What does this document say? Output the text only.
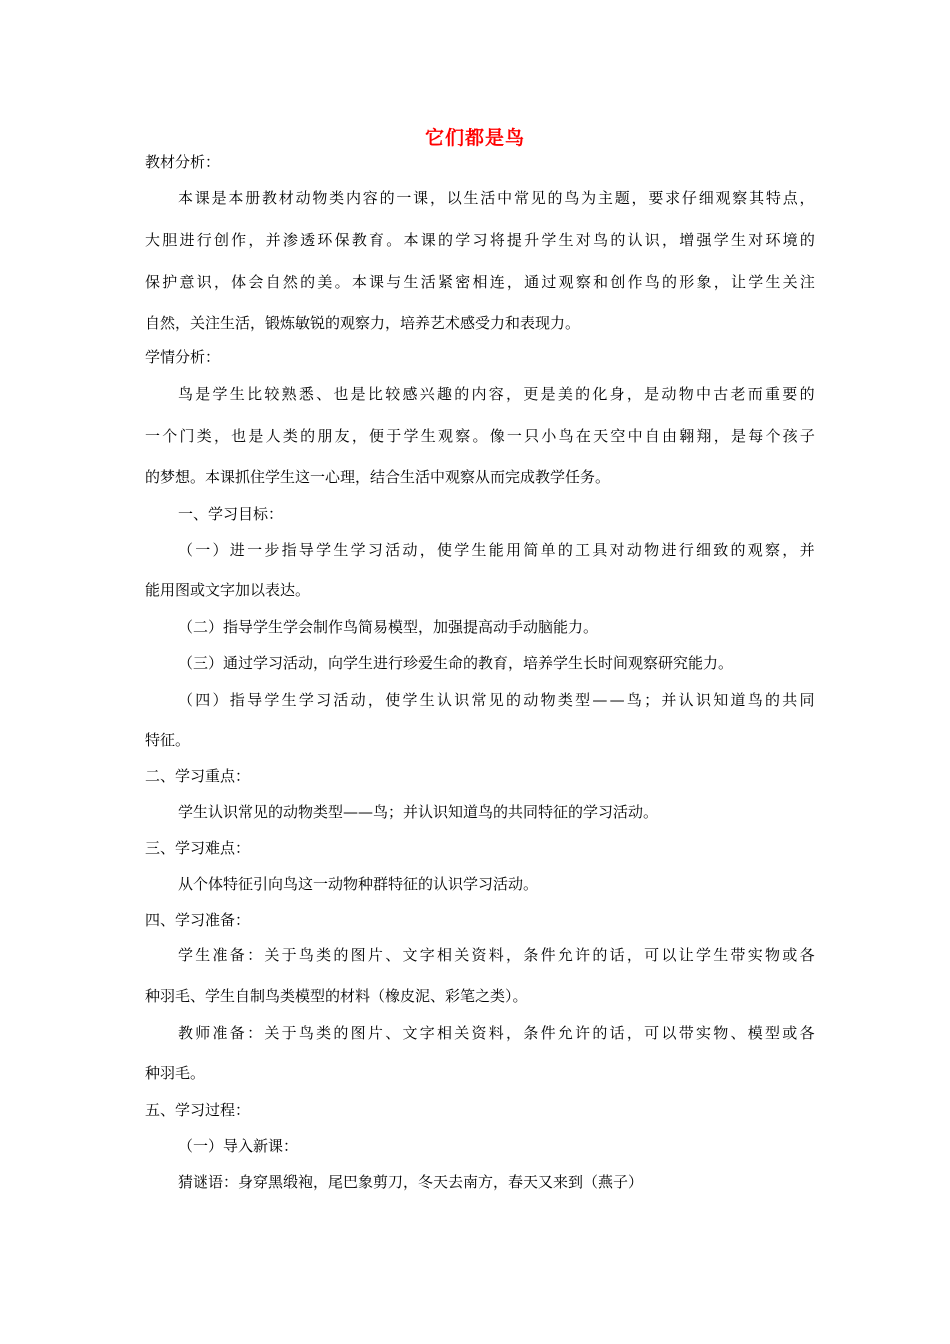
它们都是鸟
教材分析：
本 课 是 本 册 教 材 动 物 类 内 容 的 一 课 ， 以 生 活 中 常 见 的 鸟 为 主 题 ， 要 求 仔 细 观 察 其 特 点 ，
大 胆 进 行 创 作 ， 并 渗 透 环 保 教 育 。 本 课 的 学 习 将 提 升 学 生 对 鸟 的 认 识 ， 增 强 学 生 对 环 境 的
保 护 意 识 ， 体 会 自 然 的 美 。 本 课 与 生 活 紧 密 相 连 ， 通 过 观 察 和 创 作 鸟 的 形 象 ， 让 学 生 关 注
自然，关注生活，锻炼敏锐的观察力，培养艺术感受力和表现力。
学情分析：
鸟 是 学 生 比 较 熟 悉 、 也 是 比 较 感 兴 趣 的 内 容 ， 更 是 美 的 化 身 ， 是 动 物 中 古 老 而 重 要 的
一 个 门 类 ， 也 是 人 类 的 朋 友 ， 便 于 学 生 观 察 。 像 一 只 小 鸟 在 天 空 中 自 由 翱 翔 ， 是 每 个 孩 子
的梦想。本课抓住学生这一心理，结合生活中观察从而完成教学任务。
一、学习目标：
（ 一 ） 进 一 步 指 导 学 生 学 习 活 动 ， 使 学 生 能 用 简 单 的 工 具 对 动 物 进 行 细 致 的 观 察 ， 并
能用图或文字加以表达。
（二）指导学生学会制作鸟简易模型，加强提高动手动脑能力。
（三）通过学习活动，向学生进行珍爱生命的教育，培养学生长时间观察研究能力。
（ 四 ） 指 导 学 生 学 习 活 动 ， 使 学 生 认 识 常 见 的 动 物 类 型 — — 鸟 ； 并 认 识 知 道 鸟 的 共 同
特征。
二、学习重点：
学生认识常见的动物类型——鸟；并认识知道鸟的共同特征的学习活动。
三、学习难点：
从个体特征引向鸟这一动物种群特征的认识学习活动。
四、学习准备：
学 生 准 备 ： 关 于 鸟 类 的 图 片 、 文 字 相 关 资 料 ， 条 件 允 许 的 话 ， 可 以 让 学 生 带 实 物 或 各
种羽毛、学生自制鸟类模型的材料（橡皮泥、彩笔之类）。
教 师 准 备 ： 关 于 鸟 类 的 图 片 、 文 字 相 关 资 料 ， 条 件 允 许 的 话 ， 可 以 带 实 物 、 模 型 或 各
种羽毛。
五、学习过程：
（一）导入新课：
猜谜语：身穿黑缎袍，尾巴象剪刀，冬天去南方，春天又来到（燕子）
